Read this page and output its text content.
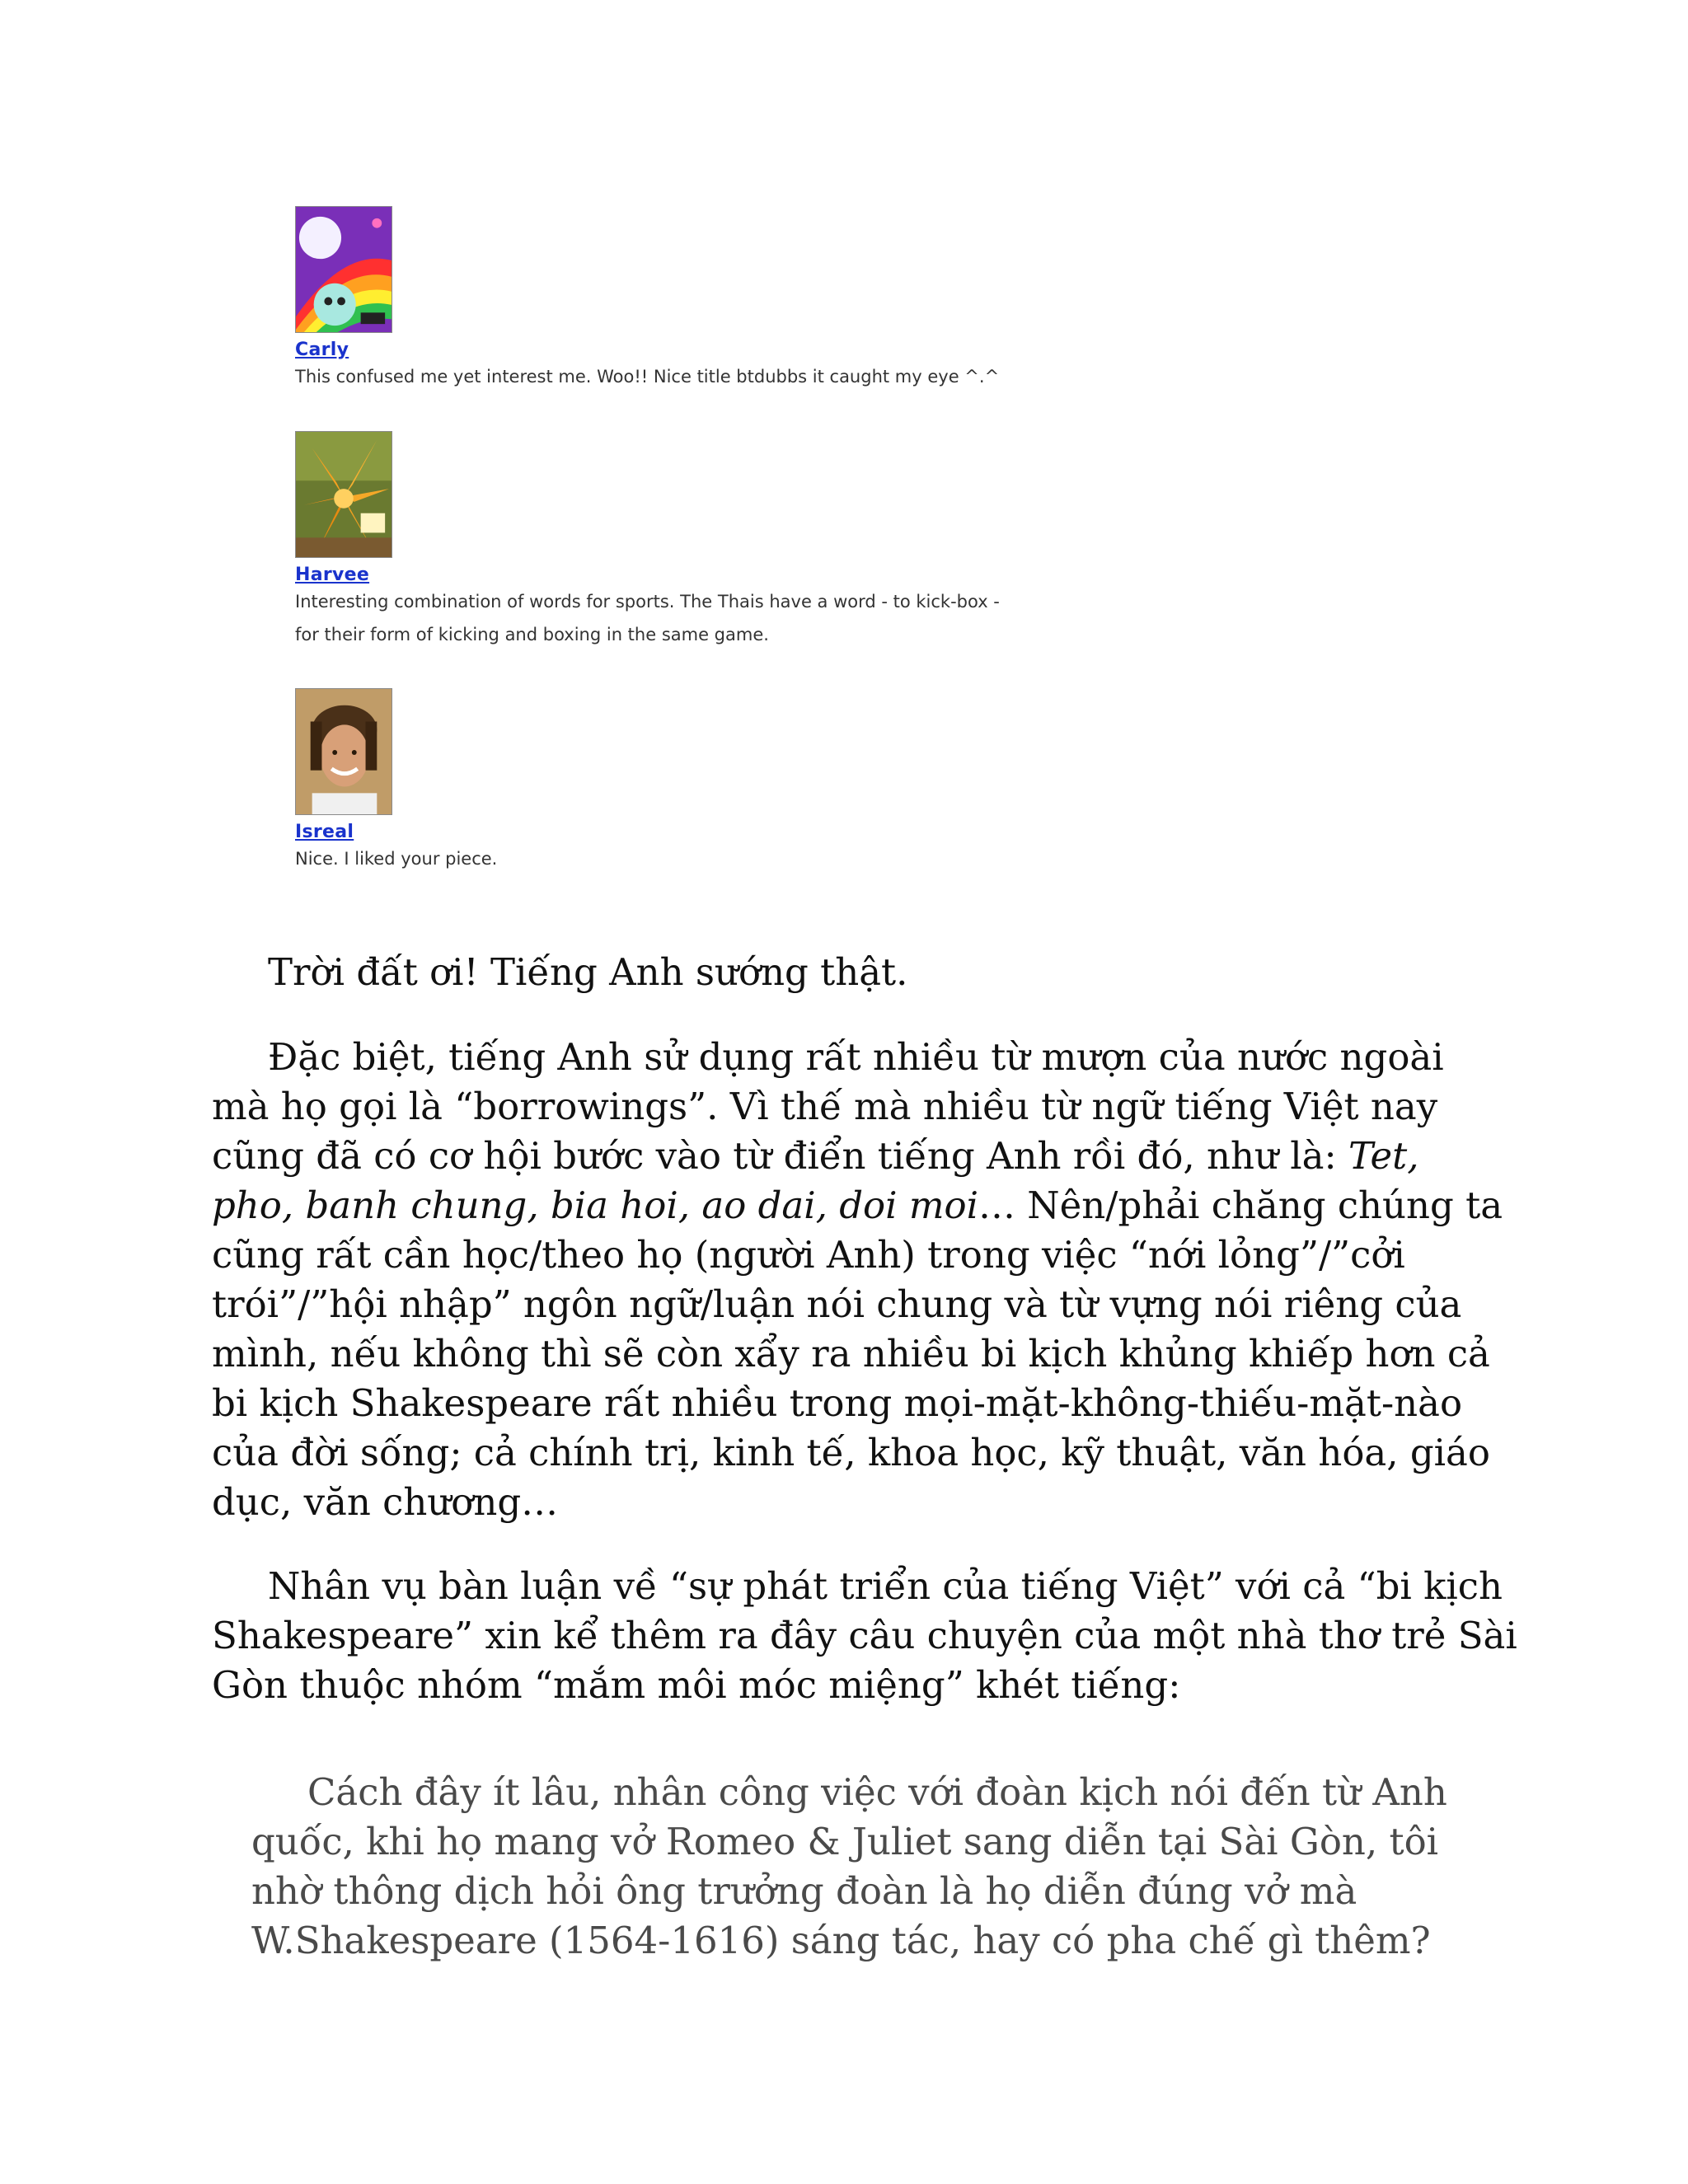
Carly
This confused me yet interest me. Woo!! Nice title btdubbs it caught my eye ^.^
Harvee
Interesting combination of words for sports. The Thais have a word - to kick-box -
for their form of kicking and boxing in the same game.
Isreal
Nice. I liked your piece.
Trời đất ơi! Tiếng Anh sướng thật.
Đặc biệt, tiếng Anh sử dụng rất nhiều từ mượn của nước ngoài
mà họ gọi là “borrowings”. Vì thế mà nhiều từ ngữ tiếng Việt nay
cũng đã có cơ hội bước vào từ điển tiếng Anh rồi đó, như là: Tet,
pho, banh chung, bia hoi, ao dai, doi moi… Nên/phải chăng chúng ta
cũng rất cần học/theo họ (người Anh) trong việc “nới lỏng”/”cởi
trói”/”hội nhập” ngôn ngữ/luận nói chung và từ vựng nói riêng của
mình, nếu không thì sẽ còn xẩy ra nhiều bi kịch khủng khiếp hơn cả
bi kịch Shakespeare rất nhiều trong mọi-mặt-không-thiếu-mặt-nào
của đời sống; cả chính trị, kinh tế, khoa học, kỹ thuật, văn hóa, giáo
dục, văn chương…
Nhân vụ bàn luận về “sự phát triển của tiếng Việt” với cả “bi kịch
Shakespeare” xin kể thêm ra đây câu chuyện của một nhà thơ trẻ Sài
Gòn thuộc nhóm “mắm môi móc miệng” khét tiếng:
Cách đây ít lâu, nhân công việc với đoàn kịch nói đến từ Anh
quốc, khi họ mang vở Romeo & Juliet sang diễn tại Sài Gòn, tôi
nhờ thông dịch hỏi ông trưởng đoàn là họ diễn đúng vở mà
W.Shakespeare (1564-1616) sáng tác, hay có pha chế gì thêm?
